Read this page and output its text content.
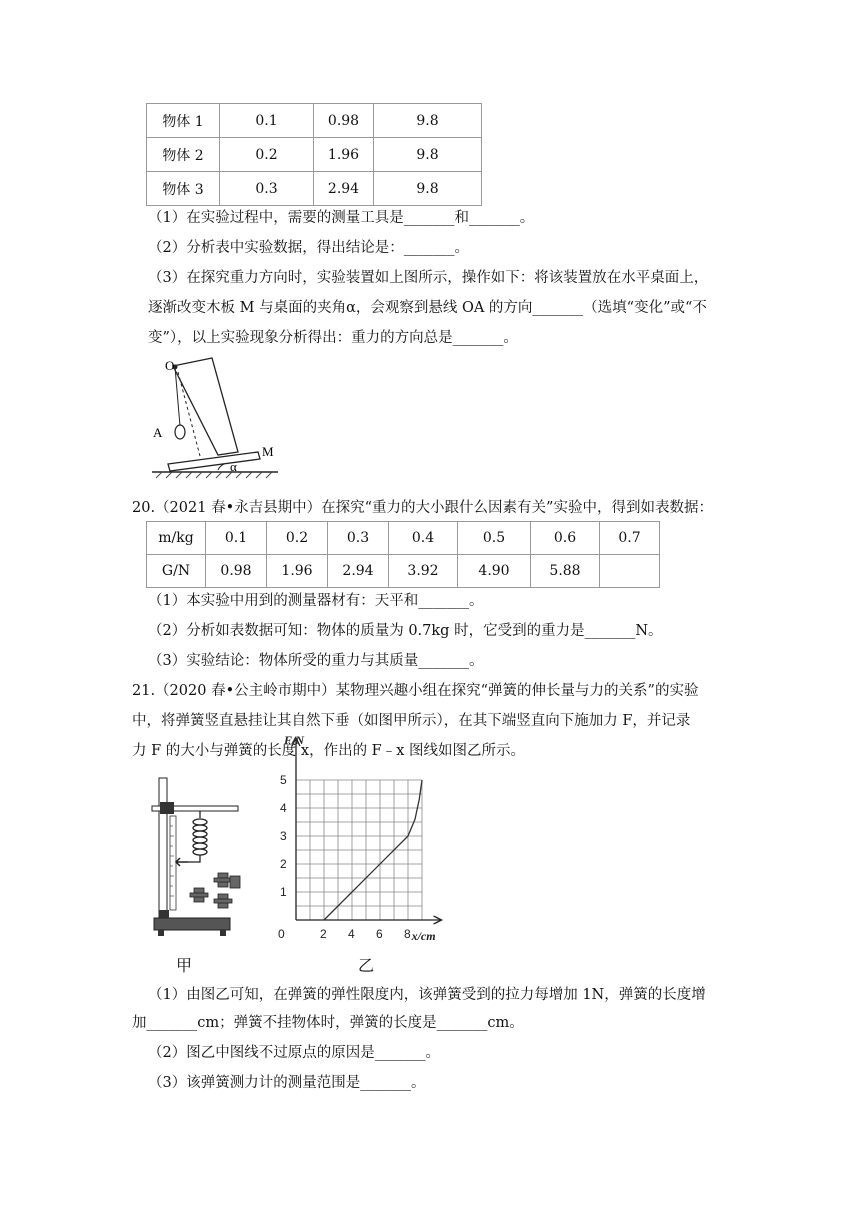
物体 1	0.1	0.98	9.8
物体 2	0.2	1.96	9.8
物体 3	0.3	2.94	9.8
（1）在实验过程中，需要的测量工具是_______和_______。
（2）分析表中实验数据，得出结论是：_______。
（3）在探究重力方向时，实验装置如上图所示，操作如下：将该装置放在水平桌面上，
逐渐改变木板 M 与桌面的夹角α，会观察到悬线 OA 的方向_______（选填“变化”或“不
变”），以上实验现象分析得出：重力的方向总是_______。
O
A
M
α
20.（2021 春•永吉县期中）在探究“重力的大小跟什么因素有关”实验中，得到如表数据：
m/kg	0.1	0.2	0.3	0.4	0.5	0.6	0.7
G/N	0.98	1.96	2.94	3.92	4.90	5.88	
（1）本实验中用到的测量器材有：天平和_______。
（2）分析如表数据可知：物体的质量为 0.7kg 时，它受到的重力是_______N。
（3）实验结论：物体所受的重力与其质量_______。
21.（2020 春•公主岭市期中）某物理兴趣小组在探究“弹簧的伸长量与力的关系”的实验
中，将弹簧竖直悬挂让其自然下垂（如图甲所示），在其下端竖直向下施加力 F，并记录
力 F 的大小与弹簧的长度 x，作出的 F﹣x 图线如图乙所示。
甲
0	2 4 6 8
1
2
3
4
5
F/N
x/cm
乙
（1）由图乙可知，在弹簧的弹性限度内，该弹簧受到的拉力每增加 1N，弹簧的长度增
加_______cm；弹簧不挂物体时，弹簧的长度是_______cm。
（2）图乙中图线不过原点的原因是_______。
（3）该弹簧测力计的测量范围是_______。
